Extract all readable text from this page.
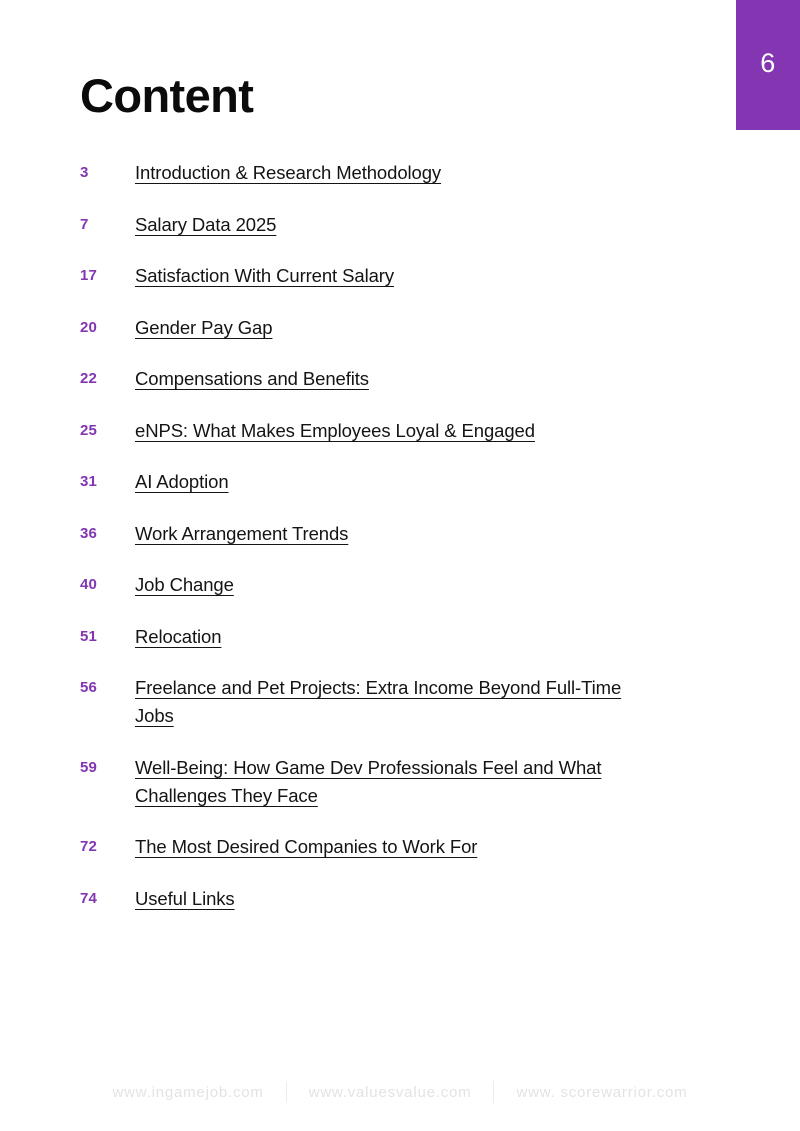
6
Content
3	Introduction & Research Methodology
7	Salary Data 2025
17	Satisfaction With Current Salary
20	Gender Pay Gap
22	Compensations and Benefits
25	eNPS: What Makes Employees Loyal & Engaged
31	AI Adoption
36	Work Arrangement Trends
40	Job Change
51	Relocation
56	Freelance and Pet Projects: Extra Income Beyond Full-Time Jobs
59	Well-Being: How Game Dev Professionals Feel and What Challenges They Face
72	The Most Desired Companies to Work For
74	Useful Links
www.ingamejob.com	www.valuesvalue.com	www. scorewarrior.com
